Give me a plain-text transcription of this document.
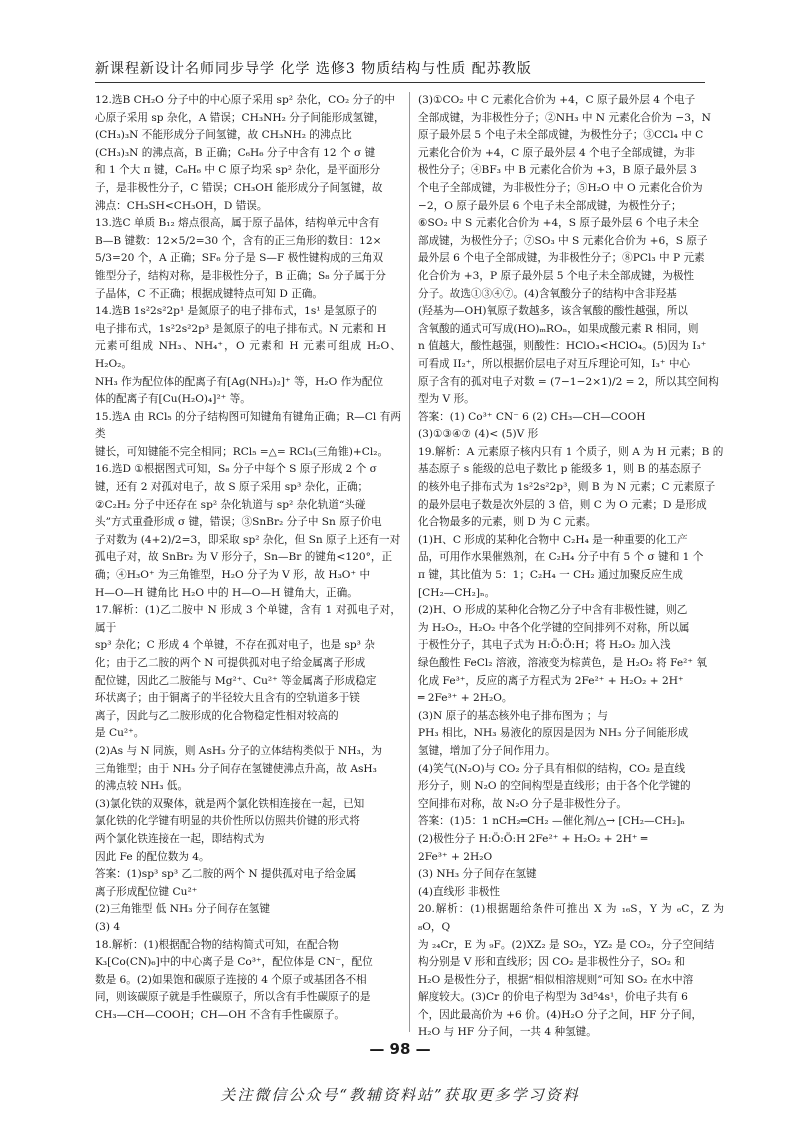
新课程新设计名师同步导学 化学 选修3 物质结构与性质 配苏教版

12.选B CH₂O 分子中的中心原子采用 sp² 杂化，CO₂ 分子的中

心原子采用 sp 杂化，A 错误；CH₃NH₂ 分子间能形成氢键，

(CH₃)₃N 不能形成分子间氢键，故 CH₃NH₂ 的沸点比

(CH₃)₃N 的沸点高，B 正确；C₆H₆ 分子中含有 12 个 σ 键

和 1 个大 π 键，C₆H₆ 中 C 原子均采 sp² 杂化，是平面形分

子，是非极性分子，C 错误；CH₃OH 能形成分子间氢键，故

沸点：CH₃SH<CH₃OH，D 错误。

13.选C 单质 B₁₂ 熔点很高，属于原子晶体，结构单元中含有

B—B 键数：12×5/2=30 个，含有的正三角形的数目：12×

5/3=20 个，A 正确；SF₆ 分子是 S—F 极性键构成的三角双

锥型分子，结构对称，是非极性分子，B 正确；S₈ 分子属于分

子晶体，C 不正确；根据成键特点可知 D 正确。

14.选B 1s²2s²2p¹ 是氮原子的电子排布式，1s¹ 是氢原子的

电子排布式，1s²2s²2p³ 是氮原子的电子排布式。N 元素和 H

元素可组成 NH₃、NH₄⁺，O 元素和 H 元素可组成 H₂O、H₂O₂。

NH₃ 作为配位体的配离子有[Ag(NH₃)₂]⁺ 等，H₂O 作为配位

体的配离子有[Cu(H₂O)₄]²⁺ 等。

15.选A 由 RCl₅ 的分子结构图可知键角有键角正确；R—Cl 有两类

键长，可知键能不完全相同；RCl₅ =△= RCl₃(三角锥)+Cl₂。

16.选D ①根据图式可知，S₈ 分子中每个 S 原子形成 2 个 σ

键，还有 2 对孤对电子，故 S 原子采用 sp³ 杂化，正确；

②C₂H₂ 分子中还存在 sp² 杂化轨道与 sp² 杂化轨道“头碰

头”方式重叠形成 σ 键，错误；③SnBr₂ 分子中 Sn 原子价电

子对数为 (4+2)/2=3，即采取 sp² 杂化，但 Sn 原子上还有一对

孤电子对，故 SnBr₂ 为 V 形分子，Sn—Br 的键角<120°，正

确；④H₃O⁺ 为三角锥型，H₂O 分子为 V 形，故 H₃O⁺ 中

H—O—H 键角比 H₂O 中的 H—O—H 键角大，正确。

17.解析：(1)乙二胺中 N 形成 3 个单键，含有 1 对孤电子对，属于

sp³ 杂化；C 形成 4 个单键，不存在孤对电子，也是 sp³ 杂

化；由于乙二胺的两个 N 可提供孤对电子给金属离子形成

配位键，因此乙二胺能与 Mg²⁺、Cu²⁺ 等金属离子形成稳定

环状离子；由于铜离子的半径较大且含有的空轨道多于镁

离子，因此与乙二胺形成的化合物稳定性相对较高的

是 Cu²⁺。

(2)As 与 N 同族，则 AsH₃ 分子的立体结构类似于 NH₃，为

三角锥型；由于 NH₃ 分子间存在氢键使沸点升高，故 AsH₃

的沸点较 NH₃ 低。

(3)氯化铁的双聚体，就是两个氯化铁相连接在一起，已知

氯化铁的化学键有明显的共价性所以仿照共价键的形式将

两个氯化铁连接在一起，即结构式为

因此 Fe 的配位数为 4。

答案：(1)sp³ sp³ 乙二胺的两个 N 提供孤对电子给金属

离子形成配位键 Cu²⁺

(2)三角锥型 低 NH₃ 分子间存在氢键

(3) 4

18.解析：(1)根据配合物的结构简式可知，在配合物

K₃[Co(CN)₆]中的中心离子是 Co³⁺，配位体是 CN⁻，配位

数是 6。(2)如果饱和碳原子连接的 4 个原子或基团各不相

同，则该碳原子就是手性碳原子，所以含有手性碳原子的是

CH₃—CH—COOH；CH—OH 不含有手性碳原子。

(3)①CO₂ 中 C 元素化合价为 +4，C 原子最外层 4 个电子

全部成键，为非极性分子；②NH₃ 中 N 元素化合价为 −3，N

原子最外层 5 个电子未全部成键，为极性分子；③CCl₄ 中 C

元素化合价为 +4，C 原子最外层 4 个电子全部成键，为非

极性分子；④BF₃ 中 B 元素化合价为 +3，B 原子最外层 3

个电子全部成键，为非极性分子；⑤H₂O 中 O 元素化合价为

−2，O 原子最外层 6 个电子未全部成键，为极性分子；

⑥SO₂ 中 S 元素化合价为 +4，S 原子最外层 6 个电子未全

部成键，为极性分子；⑦SO₃ 中 S 元素化合价为 +6，S 原子

最外层 6 个电子全部成键，为非极性分子；⑧PCl₃ 中 P 元素

化合价为 +3，P 原子最外层 5 个电子未全部成键，为极性

分子。故选①③④⑦。(4)含氧酸分子的结构中含非羟基

(羟基为—OH)氧原子数越多，该含氧酸的酸性越强，所以

含氧酸的通式可写成(HO)ₘROₙ，如果成酸元素 R 相同，则

n 值越大，酸性越强，则酸性：HClO₃<HClO₄。(5)因为 I₃⁺

可看成 II₂⁺，所以根据价层电子对互斥理论可知，I₃⁺ 中心

原子含有的孤对电子对数 = (7−1−2×1)/2 = 2，所以其空间构

型为 V 形。

答案：(1) Co³⁺ CN⁻ 6 (2) CH₃—CH—COOH

(3)①③④⑦ (4)< (5)V 形

19.解析：A 元素原子核内只有 1 个质子，则 A 为 H 元素；B 的

基态原子 s 能级的总电子数比 p 能级多 1，则 B 的基态原子

的核外电子排布式为 1s²2s²2p³，则 B 为 N 元素；C 元素原子

的最外层电子数是次外层的 3 倍，则 C 为 O 元素；D 是形成

化合物最多的元素，则 D 为 C 元素。

(1)H、C 形成的某种化合物中 C₂H₄ 是一种重要的化工产

品，可用作水果催熟剂，在 C₂H₄ 分子中有 5 个 σ 键和 1 个

π 键，其比值为 5：1；C₂H₄ 一 CH₂ 通过加聚反应生成

[CH₂—CH₂]ₙ。

(2)H、O 形成的某种化合物乙分子中含有非极性键，则乙

为 H₂O₂，H₂O₂ 中各个化学键的空间排列不对称，所以属

于极性分子，其电子式为 H:Ö:Ö:H；将 H₂O₂ 加入浅

绿色酸性 FeCl₂ 溶液，溶液变为棕黄色，是 H₂O₂ 将 Fe²⁺ 氧

化成 Fe³⁺，反应的离子方程式为 2Fe²⁺ + H₂O₂ + 2H⁺

═ 2Fe³⁺ + 2H₂O。

(3)N 原子的基态核外电子排布图为 ；与

PH₃ 相比，NH₃ 易液化的原因是因为 NH₃ 分子间能形成

氢键，增加了分子间作用力。

(4)笑气(N₂O)与 CO₂ 分子具有相似的结构，CO₂ 是直线

形分子，则 N₂O 的空间构型是直线形；由于各个化学键的

空间排布对称，故 N₂O 分子是非极性分子。

答案：(1)5：1 nCH₂═CH₂ —催化剂/△→ [CH₂—CH₂]ₙ

(2)极性分子 H:Ö:Ö:H 2Fe²⁺ + H₂O₂ + 2H⁺ ═

2Fe³⁺ + 2H₂O

(3) NH₃ 分子间存在氢键

(4)直线形 非极性

20.解析：(1)根据题给条件可推出 X 为 ₁₆S，Y 为 ₆C，Z 为 ₈O，Q

为 ₂₄Cr，E 为 ₉F。(2)XZ₂ 是 SO₂，YZ₂ 是 CO₂，分子空间结

构分别是 V 形和直线形；因 CO₂ 是非极性分子，SO₂ 和

H₂O 是极性分子，根据“相似相溶规则”可知 SO₂ 在水中溶

解度较大。(3)Cr 的价电子构型为 3d⁵4s¹，价电子共有 6

个，因此最高价为 +6 价。(4)H₂O 分子之间，HF 分子间，

H₂O 与 HF 分子间，一共 4 种氢键。

— 98 —
关注微信公众号“教辅资料站”获取更多学习资料
